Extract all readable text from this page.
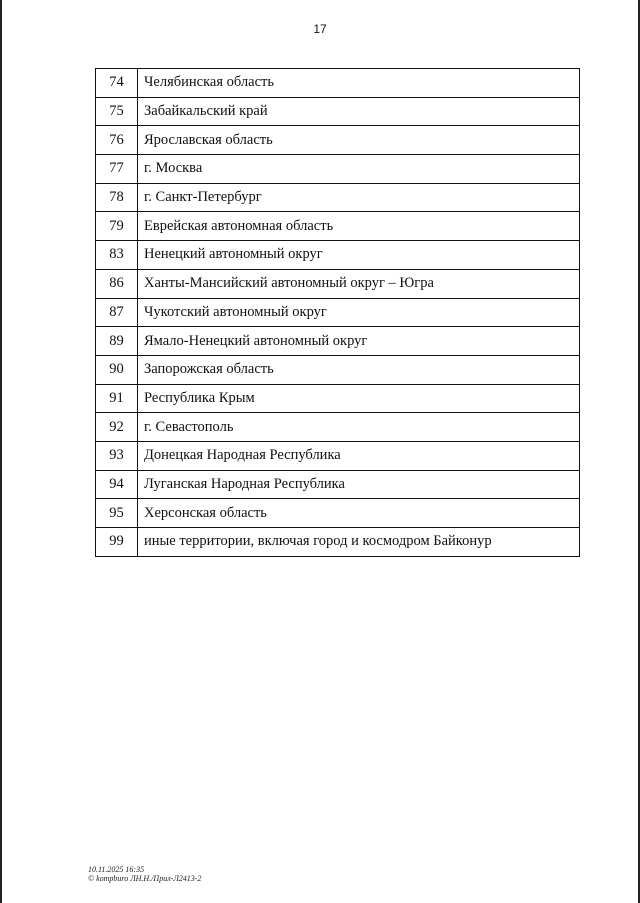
17
74	Челябинская область
75	Забайкальский край
76	Ярославская область
77	г. Москва
78	г. Санкт-Петербург
79	Еврейская автономная область
83	Ненецкий автономный округ
86	Ханты-Мансийский автономный округ – Югра
87	Чукотский автономный округ
89	Ямало-Ненецкий автономный округ
90	Запорожская область
91	Республика Крым
92	г. Севастополь
93	Донецкая Народная Республика
94	Луганская Народная Республика
95	Херсонская область
99	иные территории, включая город и космодром Байконур
10.11.2025 16:35
© kompburo ЛН.Н./Прил-Л2413-2
